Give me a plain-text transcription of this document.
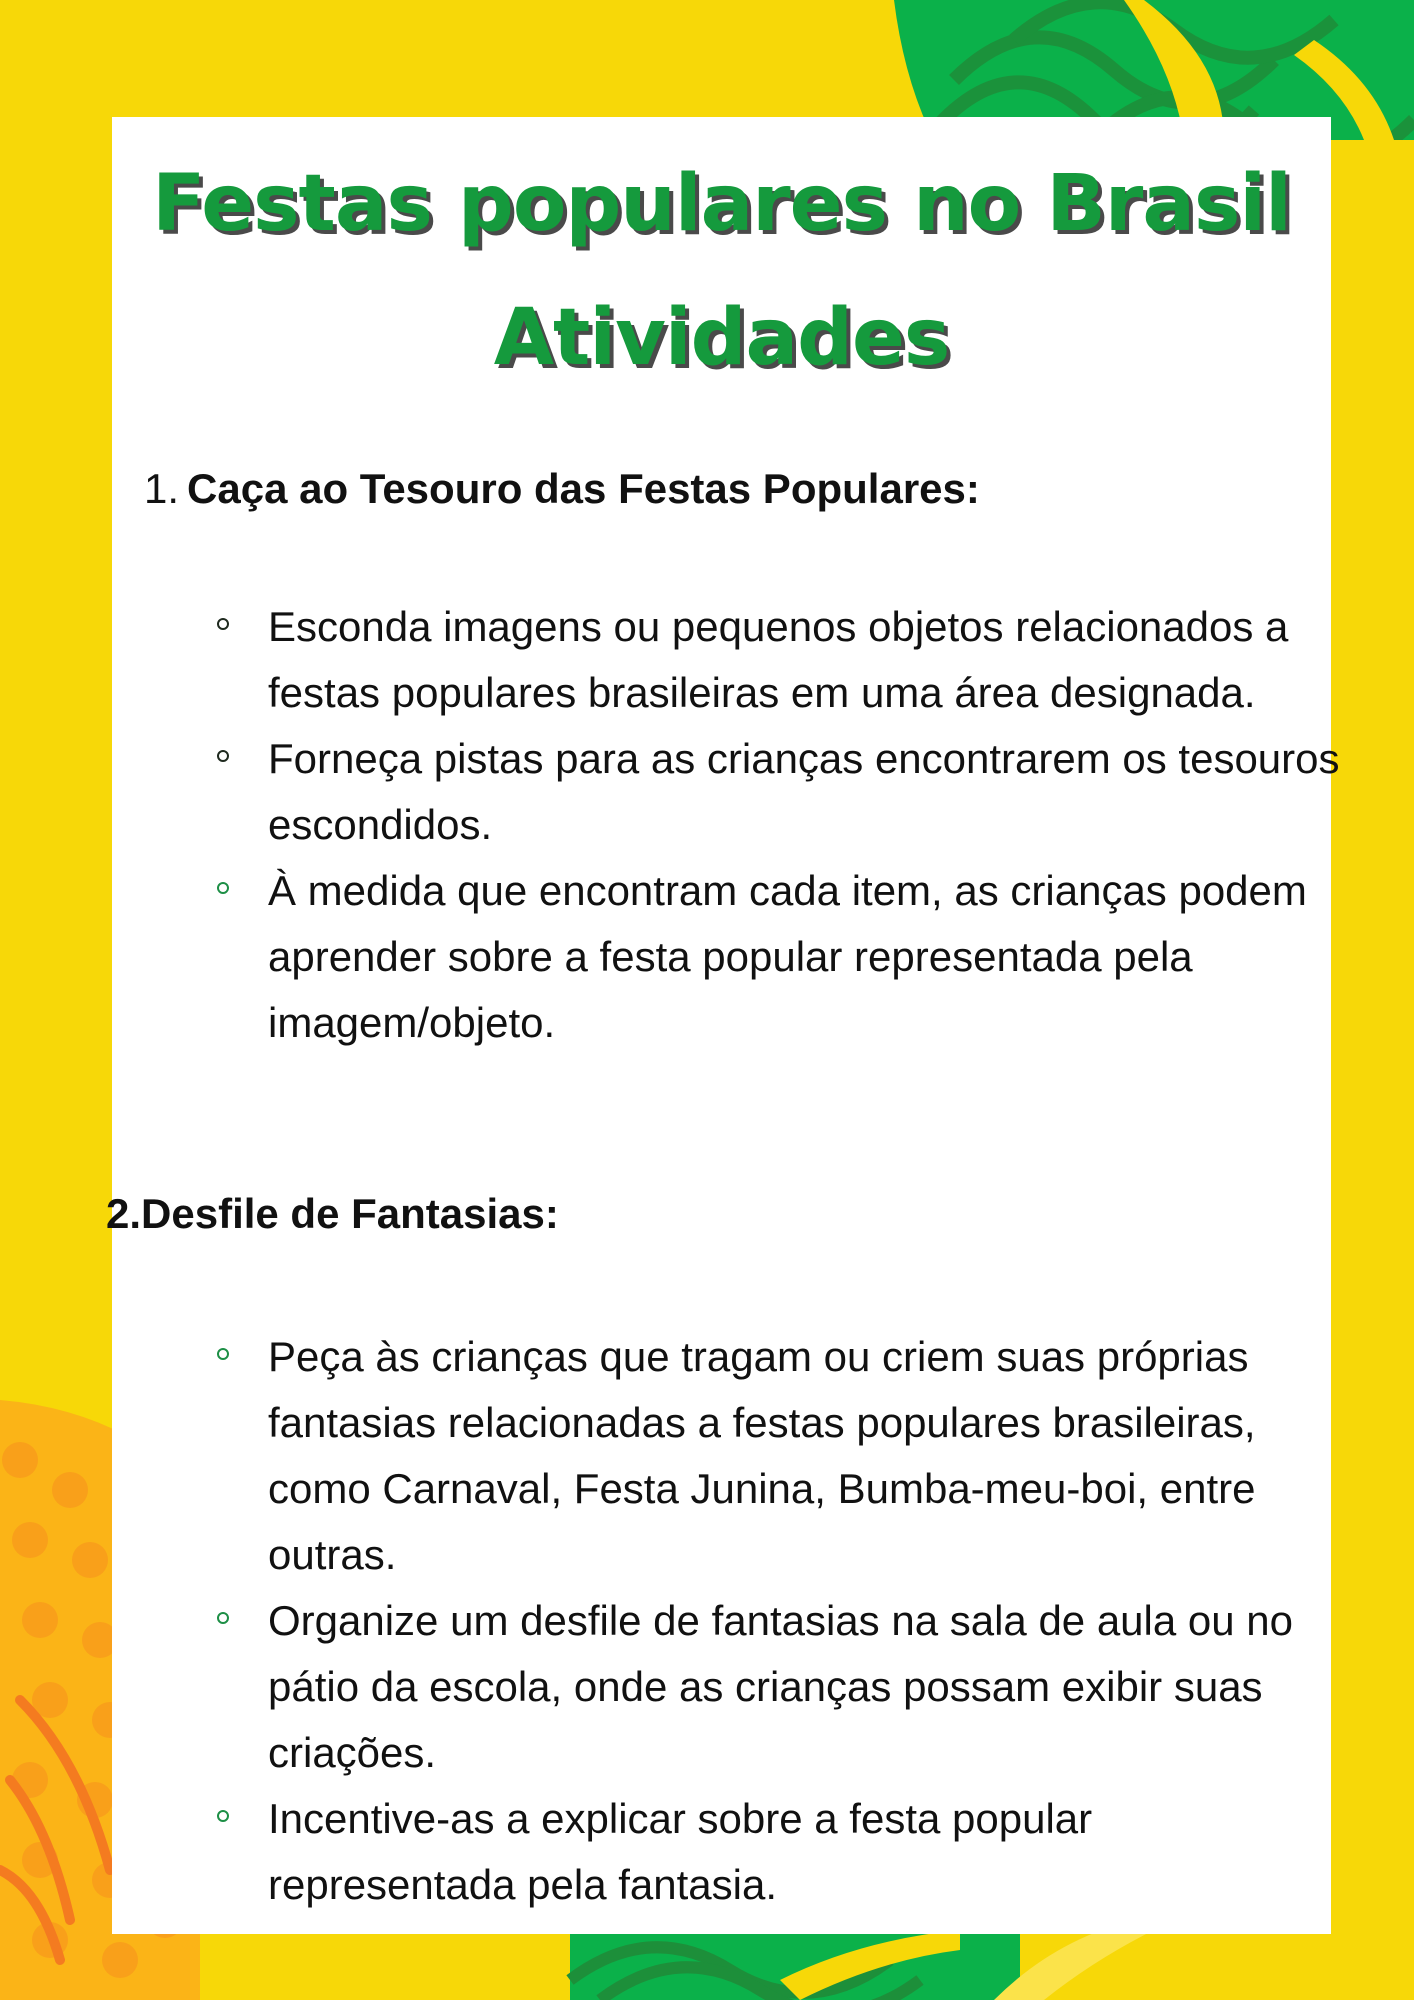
Festas populares no Brasil
Atividades
1. Caça ao Tesouro das Festas Populares:
Esconda imagens ou pequenos objetos relacionados a festas populares brasileiras em uma área designada.
Forneça pistas para as crianças encontrarem os tesouros escondidos.
À medida que encontram cada item, as crianças podem aprender sobre a festa popular representada pela imagem/objeto.
2.Desfile de Fantasias:
Peça às crianças que tragam ou criem suas próprias fantasias relacionadas a festas populares brasileiras, como Carnaval, Festa Junina, Bumba-meu-boi, entre outras.
Organize um desfile de fantasias na sala de aula ou no pátio da escola, onde as crianças possam exibir suas criações.
Incentive-as a explicar sobre a festa popular representada pela fantasia.
